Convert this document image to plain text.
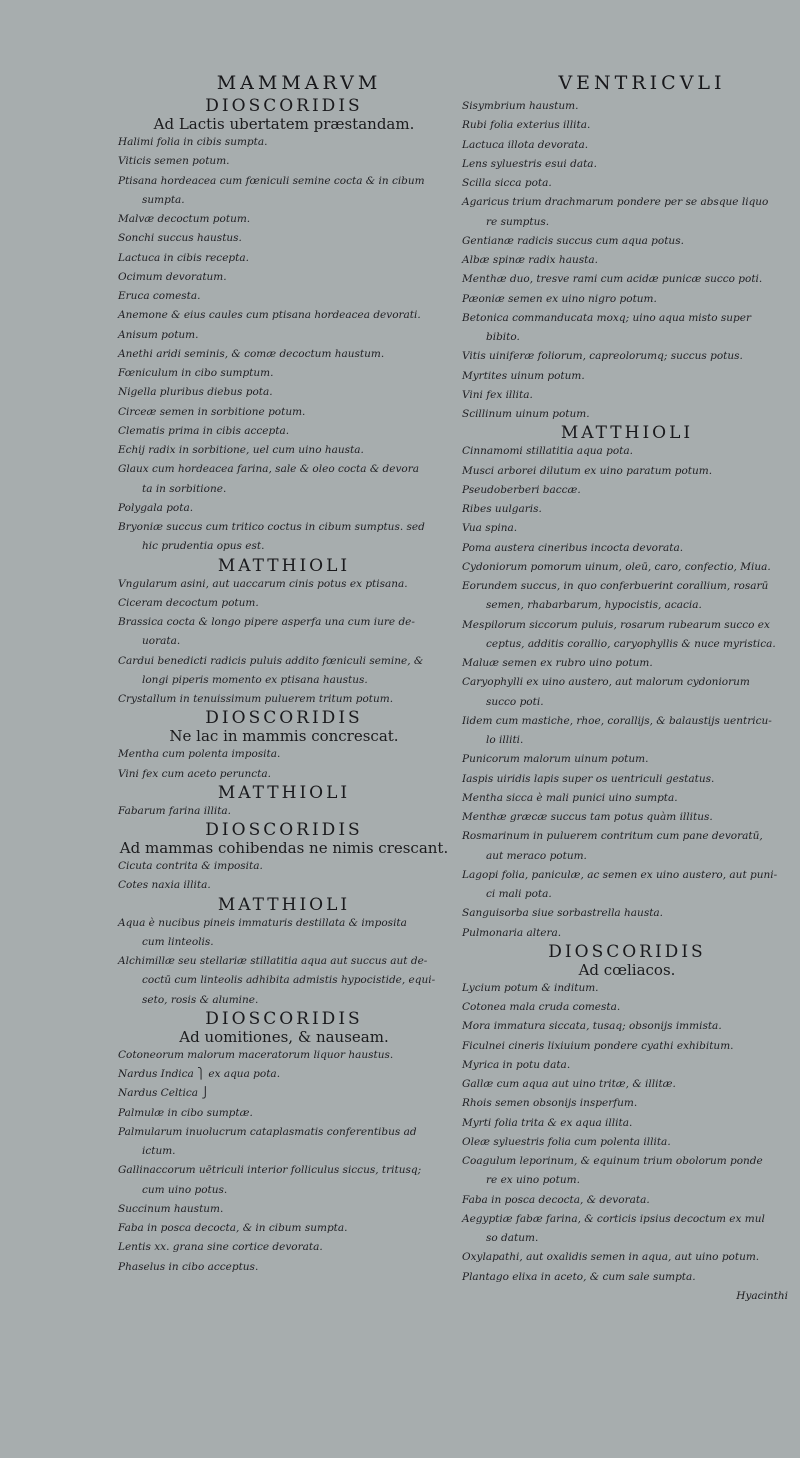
MAMMARVM
DIOSCORIDIS
Ad Lactis ubertatem præstandam.
Halimi folia in cibis sumpta.
Viticis semen potum.
Ptisana hordeacea cum fœniculi semine cocta & in cibum
sumpta.
Malvæ decoctum potum.
Sonchi succus haustus.
Lactuca in cibis recepta.
Ocimum devoratum.
Eruca comesta.
Anemone & eius caules cum ptisana hordeacea devorati.
Anisum potum.
Anethi aridi seminis, & comæ decoctum haustum.
Fœniculum in cibo sumptum.
Nigella pluribus diebus pota.
Circeæ semen in sorbitione potum.
Clematis prima in cibis accepta.
Echij radix in sorbitione, uel cum uino hausta.
Glaux cum hordeacea farina, sale & oleo cocta & devora
ta in sorbitione.
Polygala pota.
Bryoniæ succus cum tritico coctus in cibum sumptus. sed
hic prudentia opus est.
MATTHIOLI
Vngularum asini, aut uaccarum cinis potus ex ptisana.
Ciceram decoctum potum.
Brassica cocta & longo pipere asperfa una cum iure de-
uorata.
Cardui benedicti radicis puluis addito fœniculi semine, &
longi piperis momento ex ptisana haustus.
Crystallum in tenuissimum puluerem tritum potum.
DIOSCORIDIS
Ne lac in mammis concrescat.
Mentha cum polenta imposita.
Vini fex cum aceto peruncta.
MATTHIOLI
Fabarum farina illita.
DIOSCORIDIS
Ad mammas cohibendas ne nimis crescant.
Cicuta contrita & imposita.
Cotes naxia illita.
MATTHIOLI
Aqua è nucibus pineis immaturis destillata & imposita
cum linteolis.
Alchimillæ seu stellariæ stillatitia aqua aut succus aut de-
coctū cum linteolis adhibita admistis hypocistide, equi-
seto, rosis & alumine.
DIOSCORIDIS
Ad uomitiones, & nauseam.
Cotoneorum malorum maceratorum liquor haustus.
Nardus Indica ⎫ ex aqua pota.
Nardus Celtica ⎭
Palmulæ in cibo sumptæ.
Palmularum inuolucrum cataplasmatis conferentibus ad
ictum.
Gallinaccorum uētriculi interior folliculus siccus, tritusq;
cum uino potus.
Succinum haustum.
Faba in posca decocta, & in cibum sumpta.
Lentis xx. grana sine cortice devorata.
Phaselus in cibo acceptus.
VENTRICVLI
Sisymbrium haustum.
Rubi folia exterius illita.
Lactuca illota devorata.
Lens syluestris esui data.
Scilla sicca pota.
Agaricus trium drachmarum pondere per se absque liquo
re sumptus.
Gentianæ radicis succus cum aqua potus.
Albæ spinæ radix hausta.
Menthæ duo, tresve rami cum acidæ punicæ succo poti.
Pæoniæ semen ex uino nigro potum.
Betonica commanducata moxq; uino aqua misto super
bibito.
Vitis uiniferæ foliorum, capreolorumq; succus potus.
Myrtites uinum potum.
Vini fex illita.
Scillinum uinum potum.
MATTHIOLI
Cinnamomi stillatitia aqua pota.
Musci arborei dilutum ex uino paratum potum.
Pseudoberberi baccæ.
Ribes uulgaris.
Vua spina.
Poma austera cineribus incocta devorata.
Cydoniorum pomorum uinum, oleū, caro, confectio, Miua.
Eorundem succus, in quo conferbuerint corallium, rosarū
semen, rhabarbarum, hypocistis, acacia.
Mespilorum siccorum puluis, rosarum rubearum succo ex
ceptus, additis corallio, caryophyllis & nuce myristica.
Maluæ semen ex rubro uino potum.
Caryophylli ex uino austero, aut malorum cydoniorum
succo poti.
Iidem cum mastiche, rhoe, corallijs, & balaustijs uentricu-
lo illiti.
Punicorum malorum uinum potum.
Iaspis uiridis lapis super os uentriculi gestatus.
Mentha sicca è mali punici uino sumpta.
Menthæ græcæ succus tam potus quàm illitus.
Rosmarinum in puluerem contritum cum pane devoratū,
aut meraco potum.
Lagopi folia, paniculæ, ac semen ex uino austero, aut puni-
ci mali pota.
Sanguisorba siue sorbastrella hausta.
Pulmonaria altera.
DIOSCORIDIS
Ad cœliacos.
Lycium potum & inditum.
Cotonea mala cruda comesta.
Mora immatura siccata, tusaq; obsonijs immista.
Ficulnei cineris lixiuium pondere cyathi exhibitum.
Myrica in potu data.
Gallæ cum aqua aut uino tritæ, & illitæ.
Rhois semen obsonijs insperfum.
Myrti folia trita & ex aqua illita.
Oleæ syluestris folia cum polenta illita.
Coagulum leporinum, & equinum trium obolorum ponde
re ex uino potum.
Faba in posca decocta, & devorata.
Aegyptiæ fabæ farina, & corticis ipsius decoctum ex mul
so datum.
Oxylapathi, aut oxalidis semen in aqua, aut uino potum.
Plantago elixa in aceto, & cum sale sumpta.
Hyacinthi
